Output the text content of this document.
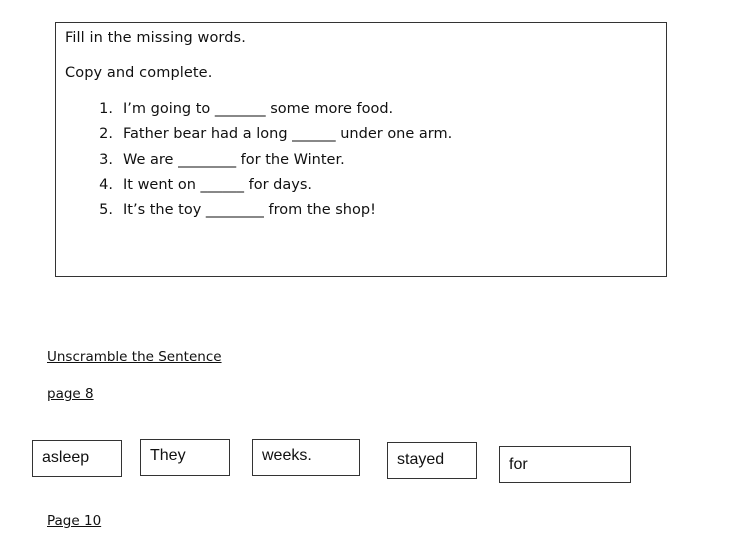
Fill in the missing words.
Copy and complete.
1. I’m going to _______ some more food.
2. Father bear had a long ______ under one arm.
3. We are ________ for the Winter.
4. It went on ______ for days.
5. It’s the toy ________ from the shop!
Unscramble the Sentence
page 8
asleep	They	weeks.	stayed	for
Page 10
